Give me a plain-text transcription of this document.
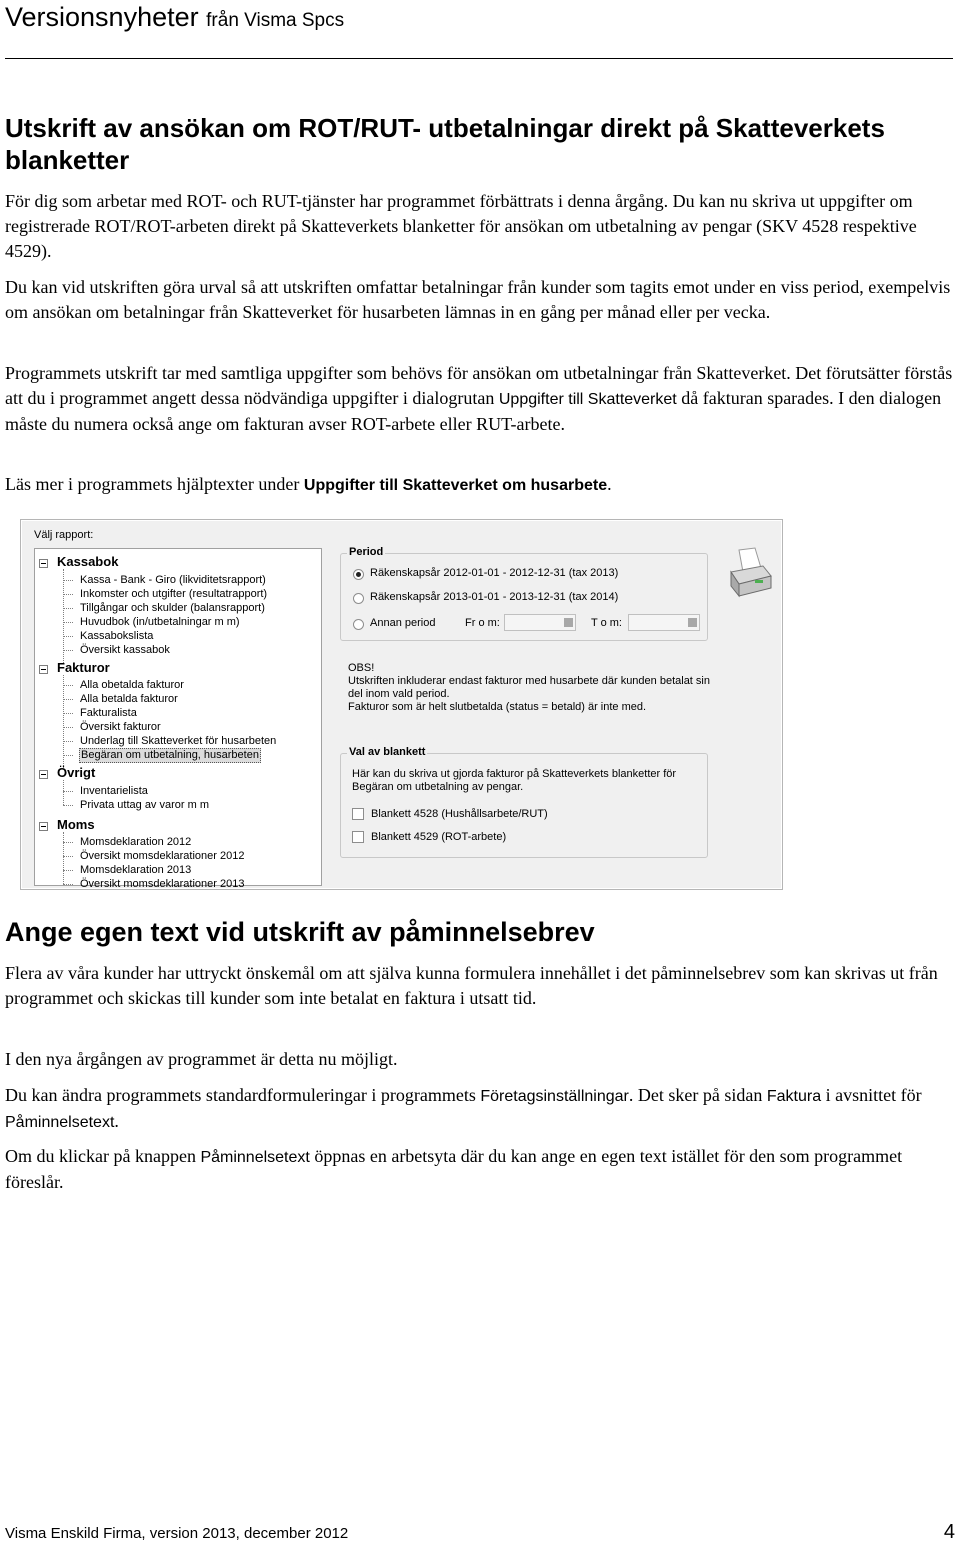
Versionsnyheter från Visma Spcs
Utskrift av ansökan om ROT/RUT- utbetalningar direkt på Skatteverkets blanketter

För dig som arbetar med ROT- och RUT-tjänster har programmet förbättrats i denna årgång. Du kan nu skriva ut uppgifter om registrerade ROT/ROT-arbeten direkt på Skatteverkets blanketter för ansökan om utbetalning av pengar (SKV 4528 respektive 4529).

Du kan vid utskriften göra urval så att utskriften omfattar betalningar från kunder som tagits emot under en viss period, exempelvis om ansökan om betalningar från Skatteverket för husarbeten lämnas in en gång per månad eller per vecka.

Programmets utskrift tar med samtliga uppgifter som behövs för ansökan om utbetalningar från Skatteverket. Det förutsätter förstås att du i programmet angett dessa nödvändiga uppgifter i dialogrutan Uppgifter till Skatteverket då fakturan sparades. I den dialogen måste du numera också ange om fakturan avser ROT-arbete eller RUT-arbete.

Läs mer i programmets hjälptexter under Uppgifter till Skatteverket om husarbete.

Välj rapport:
Kassabok
Kassa - Bank - Giro (likviditetsrapport)
Inkomster och utgifter (resultatrapport)
Tillgångar och skulder (balansrapport)
Huvudbok (in/utbetalningar m m)
Kassabokslista
Översikt kassabok
Fakturor
Alla obetalda fakturor
Alla betalda fakturor
Fakturalista
Översikt fakturor
Underlag till Skatteverket för husarbeten
Begäran om utbetalning, husarbeten
Övrigt
Inventarielista
Privata uttag av varor m m
Moms
Momsdeklaration 2012
Översikt momsdeklarationer 2012
Momsdeklaration 2013
Översikt momsdeklarationer 2013
Period
Räkenskapsår 2012-01-01 - 2012-12-31 (tax 2013)
Räkenskapsår 2013-01-01 - 2013-12-31 (tax 2014)
Annan period	Fr o m:	T o m:
OBS!
Utskriften inkluderar endast fakturor med husarbete där kunden betalat sin
del inom vald period.
Fakturor som är helt slutbetalda (status = betald) är inte med.
Val av blankett
Här kan du skriva ut gjorda fakturor på Skatteverkets blanketter för
Begäran om utbetalning av pengar.
Blankett 4528 (Hushållsarbete/RUT)
Blankett 4529 (ROT-arbete)
Ange egen text vid utskrift av påminnelsebrev

Flera av våra kunder har uttryckt önskemål om att själva kunna formulera innehållet i det påminnelsebrev som kan skrivas ut från programmet och skickas till kunder som inte betalat en faktura i utsatt tid.

I den nya årgången av programmet är detta nu möjligt.

Du kan ändra programmets standardformuleringar i programmets Företagsinställningar. Det sker på sidan Faktura i avsnittet för Påminnelsetext.

Om du klickar på knappen Påminnelsetext öppnas en arbetsyta där du kan ange en egen text istället för den som programmet föreslår.

Visma Enskild Firma, version 2013, december 2012	4
